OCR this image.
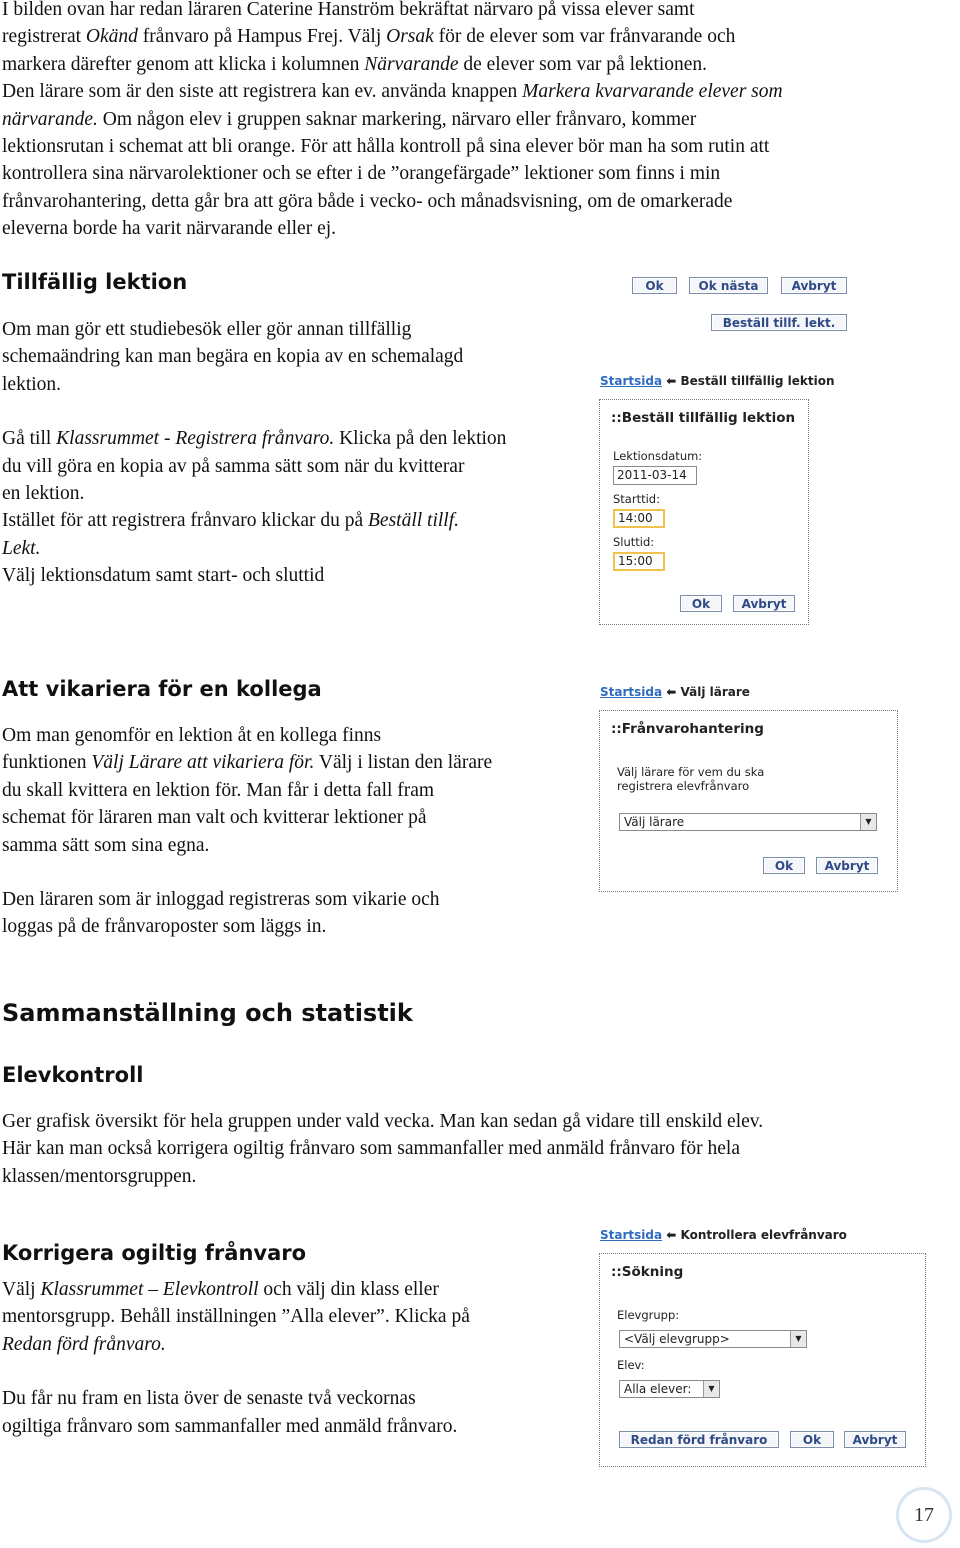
I bilden ovan har redan läraren Caterine Hanström bekräftat närvaro på vissa elever samt
registrerat Okänd frånvaro på Hampus Frej. Välj Orsak för de elever som var frånvarande och
markera därefter genom att klicka i kolumnen Närvarande de elever som var på lektionen.
Den lärare som är den siste att registrera kan ev. använda knappen Markera kvarvarande elever som
närvarande. Om någon elev i gruppen saknar markering, närvaro eller frånvaro, kommer
lektionsrutan i schemat att bli orange. För att hålla kontroll på sina elever bör man ha som rutin att
kontrollera sina närvarolektioner och se efter i de ”orangefärgade” lektioner som finns i min
frånvarohantering, detta går bra att göra både i vecko- och månadsvisning, om de omarkerade
eleverna borde ha varit närvarande eller ej.
Tillfällig lektion
Om man gör ett studiebesök eller gör annan tillfällig
schemaändring kan man begära en kopia av en schemalagd
lektion.
Gå till Klassrummet - Registrera frånvaro. Klicka på den lektion
du vill göra en kopia av på samma sätt som när du kvitterar
en lektion.
Istället för att registrera frånvaro klickar du på Beställ tillf.
Lekt.
Välj lektionsdatum samt start- och sluttid
Ok	Ok nästa	Avbryt
Beställ tillf. lekt.
Startsida ⬅ Beställ tillfällig lektion
::Beställ tillfällig lektion
Lektionsdatum:
2011-03-14
Starttid:
14:00
Sluttid:
15:00
Ok	Avbryt
Att vikariera för en kollega
Om man genomför en lektion åt en kollega finns
funktionen Välj Lärare att vikariera för. Välj i listan den lärare
du skall kvittera en lektion för. Man får i detta fall fram
schemat för läraren man valt och kvitterar lektioner på
samma sätt som sina egna.
Den läraren som är inloggad registreras som vikarie och
loggas på de frånvaroposter som läggs in.
Startsida ⬅ Välj lärare
::Frånvarohantering
Välj lärare för vem du ska
registrera elevfrånvaro
Välj lärare	▼
Ok	Avbryt
Sammanställning och statistik
Elevkontroll
Ger grafisk översikt för hela gruppen under vald vecka. Man kan sedan gå vidare till enskild elev.
Här kan man också korrigera ogiltig frånvaro som sammanfaller med anmäld frånvaro för hela
klassen/mentorsgruppen.
Korrigera ogiltig frånvaro
Välj Klassrummet – Elevkontroll och välj din klass eller
mentorsgrupp. Behåll inställningen ”Alla elever”. Klicka på
Redan förd frånvaro.
Du får nu fram en lista över de senaste två veckornas
ogiltiga frånvaro som sammanfaller med anmäld frånvaro.
Startsida ⬅ Kontrollera elevfrånvaro
::Sökning
Elevgrupp:
<Välj elevgrupp>	▼
Elev:
Alla elever:	▼
Redan förd frånvaro	Ok	Avbryt
17
